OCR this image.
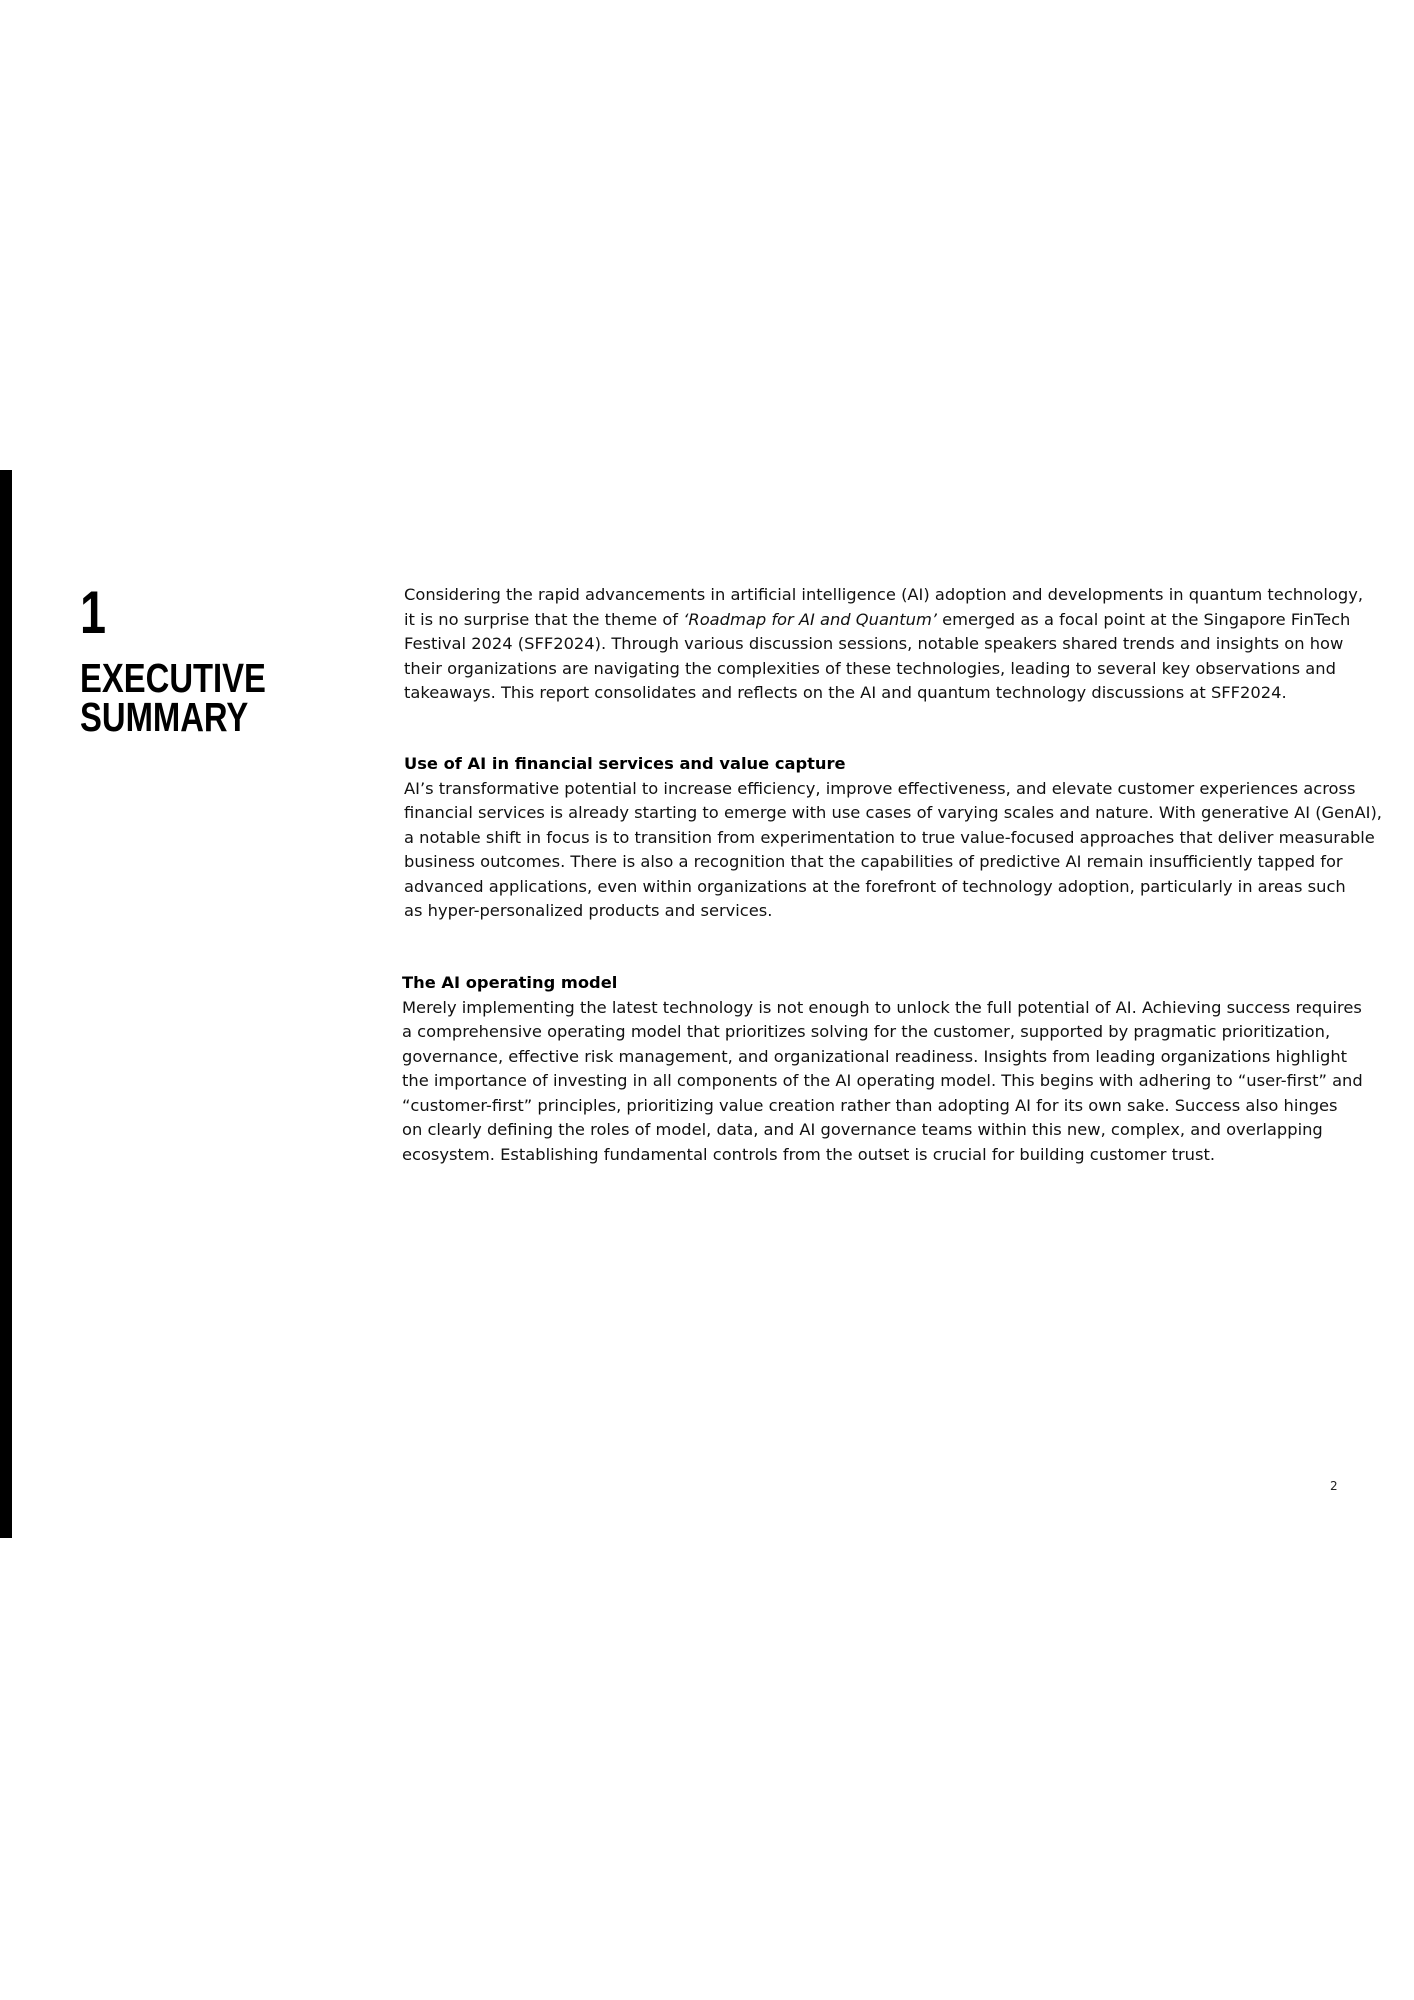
1
EXECUTIVE
SUMMARY

Considering the rapid advancements in artificial intelligence (AI) adoption and developments in quantum technology,
it is no surprise that the theme of ‘Roadmap for AI and Quantum’ emerged as a focal point at the Singapore FinTech
Festival 2024 (SFF2024). Through various discussion sessions, notable speakers shared trends and insights on how
their organizations are navigating the complexities of these technologies, leading to several key observations and
takeaways. This report consolidates and reflects on the AI and quantum technology discussions at SFF2024.

Use of AI in financial services and value capture

AI’s transformative potential to increase efficiency, improve effectiveness, and elevate customer experiences across
financial services is already starting to emerge with use cases of varying scales and nature. With generative AI (GenAI),
a notable shift in focus is to transition from experimentation to true value-focused approaches that deliver measurable
business outcomes. There is also a recognition that the capabilities of predictive AI remain insufficiently tapped for
advanced applications, even within organizations at the forefront of technology adoption, particularly in areas such
as hyper-personalized products and services.

The AI operating model

Merely implementing the latest technology is not enough to unlock the full potential of AI. Achieving success requires
a comprehensive operating model that prioritizes solving for the customer, supported by pragmatic prioritization,
governance, effective risk management, and organizational readiness. Insights from leading organizations highlight
the importance of investing in all components of the AI operating model. This begins with adhering to “user-first” and
“customer-first” principles, prioritizing value creation rather than adopting AI for its own sake. Success also hinges
on clearly defining the roles of model, data, and AI governance teams within this new, complex, and overlapping
ecosystem. Establishing fundamental controls from the outset is crucial for building customer trust.

2
